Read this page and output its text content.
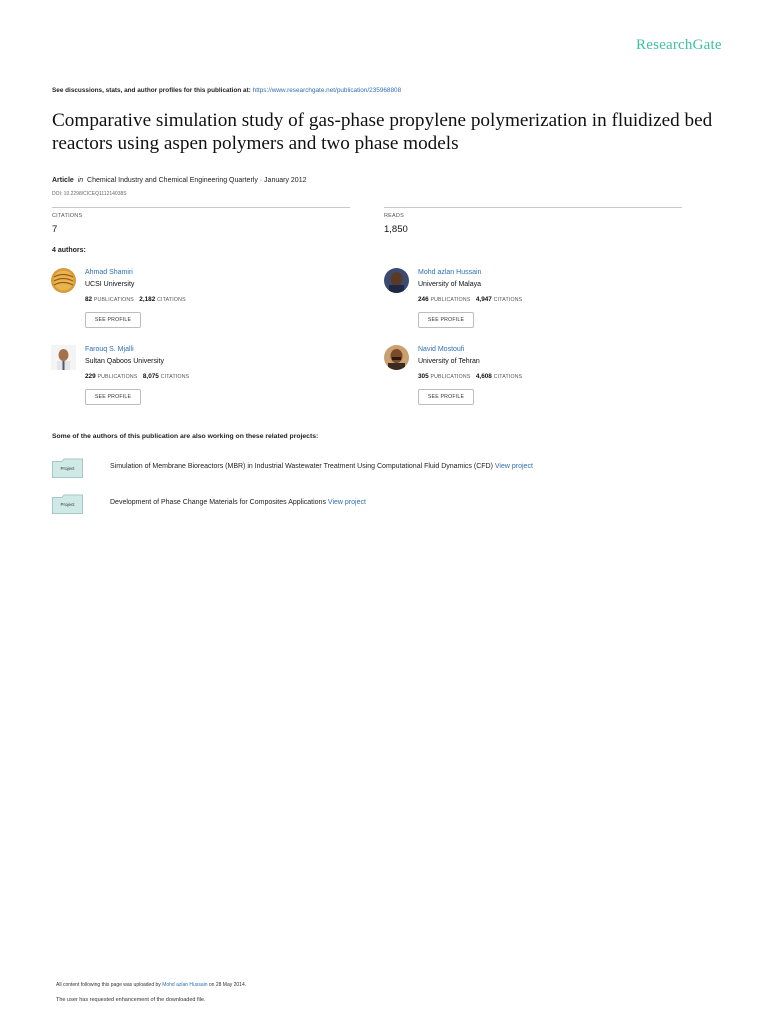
ResearchGate
See discussions, stats, and author profiles for this publication at: https://www.researchgate.net/publication/235968808
Comparative simulation study of gas-phase propylene polymerization in fluidized bed reactors using aspen polymers and two phase models
Article in Chemical Industry and Chemical Engineering Quarterly · January 2012
DOI: 10.2298/CICEQ111214038S
CITATIONS
7
READS
1,850
4 authors:
Ahmad Shamiri
UCSI University
82 PUBLICATIONS 2,182 CITATIONS
SEE PROFILE
Mohd azlan Hussain
University of Malaya
246 PUBLICATIONS 4,947 CITATIONS
SEE PROFILE
Farouq S. Mjalli
Sultan Qaboos University
229 PUBLICATIONS 8,075 CITATIONS
SEE PROFILE
Navid Mostoufi
University of Tehran
305 PUBLICATIONS 4,608 CITATIONS
SEE PROFILE
Some of the authors of this publication are also working on these related projects:
Project	Simulation of Membrane Bioreactors (MBR) in Industrial Wastewater Treatment Using Computational Fluid Dynamics (CFD) View project
Project	Development of Phase Change Materials for Composites Applications View project
All content following this page was uploaded by Mohd azlan Hussain on 28 May 2014.
The user has requested enhancement of the downloaded file.
